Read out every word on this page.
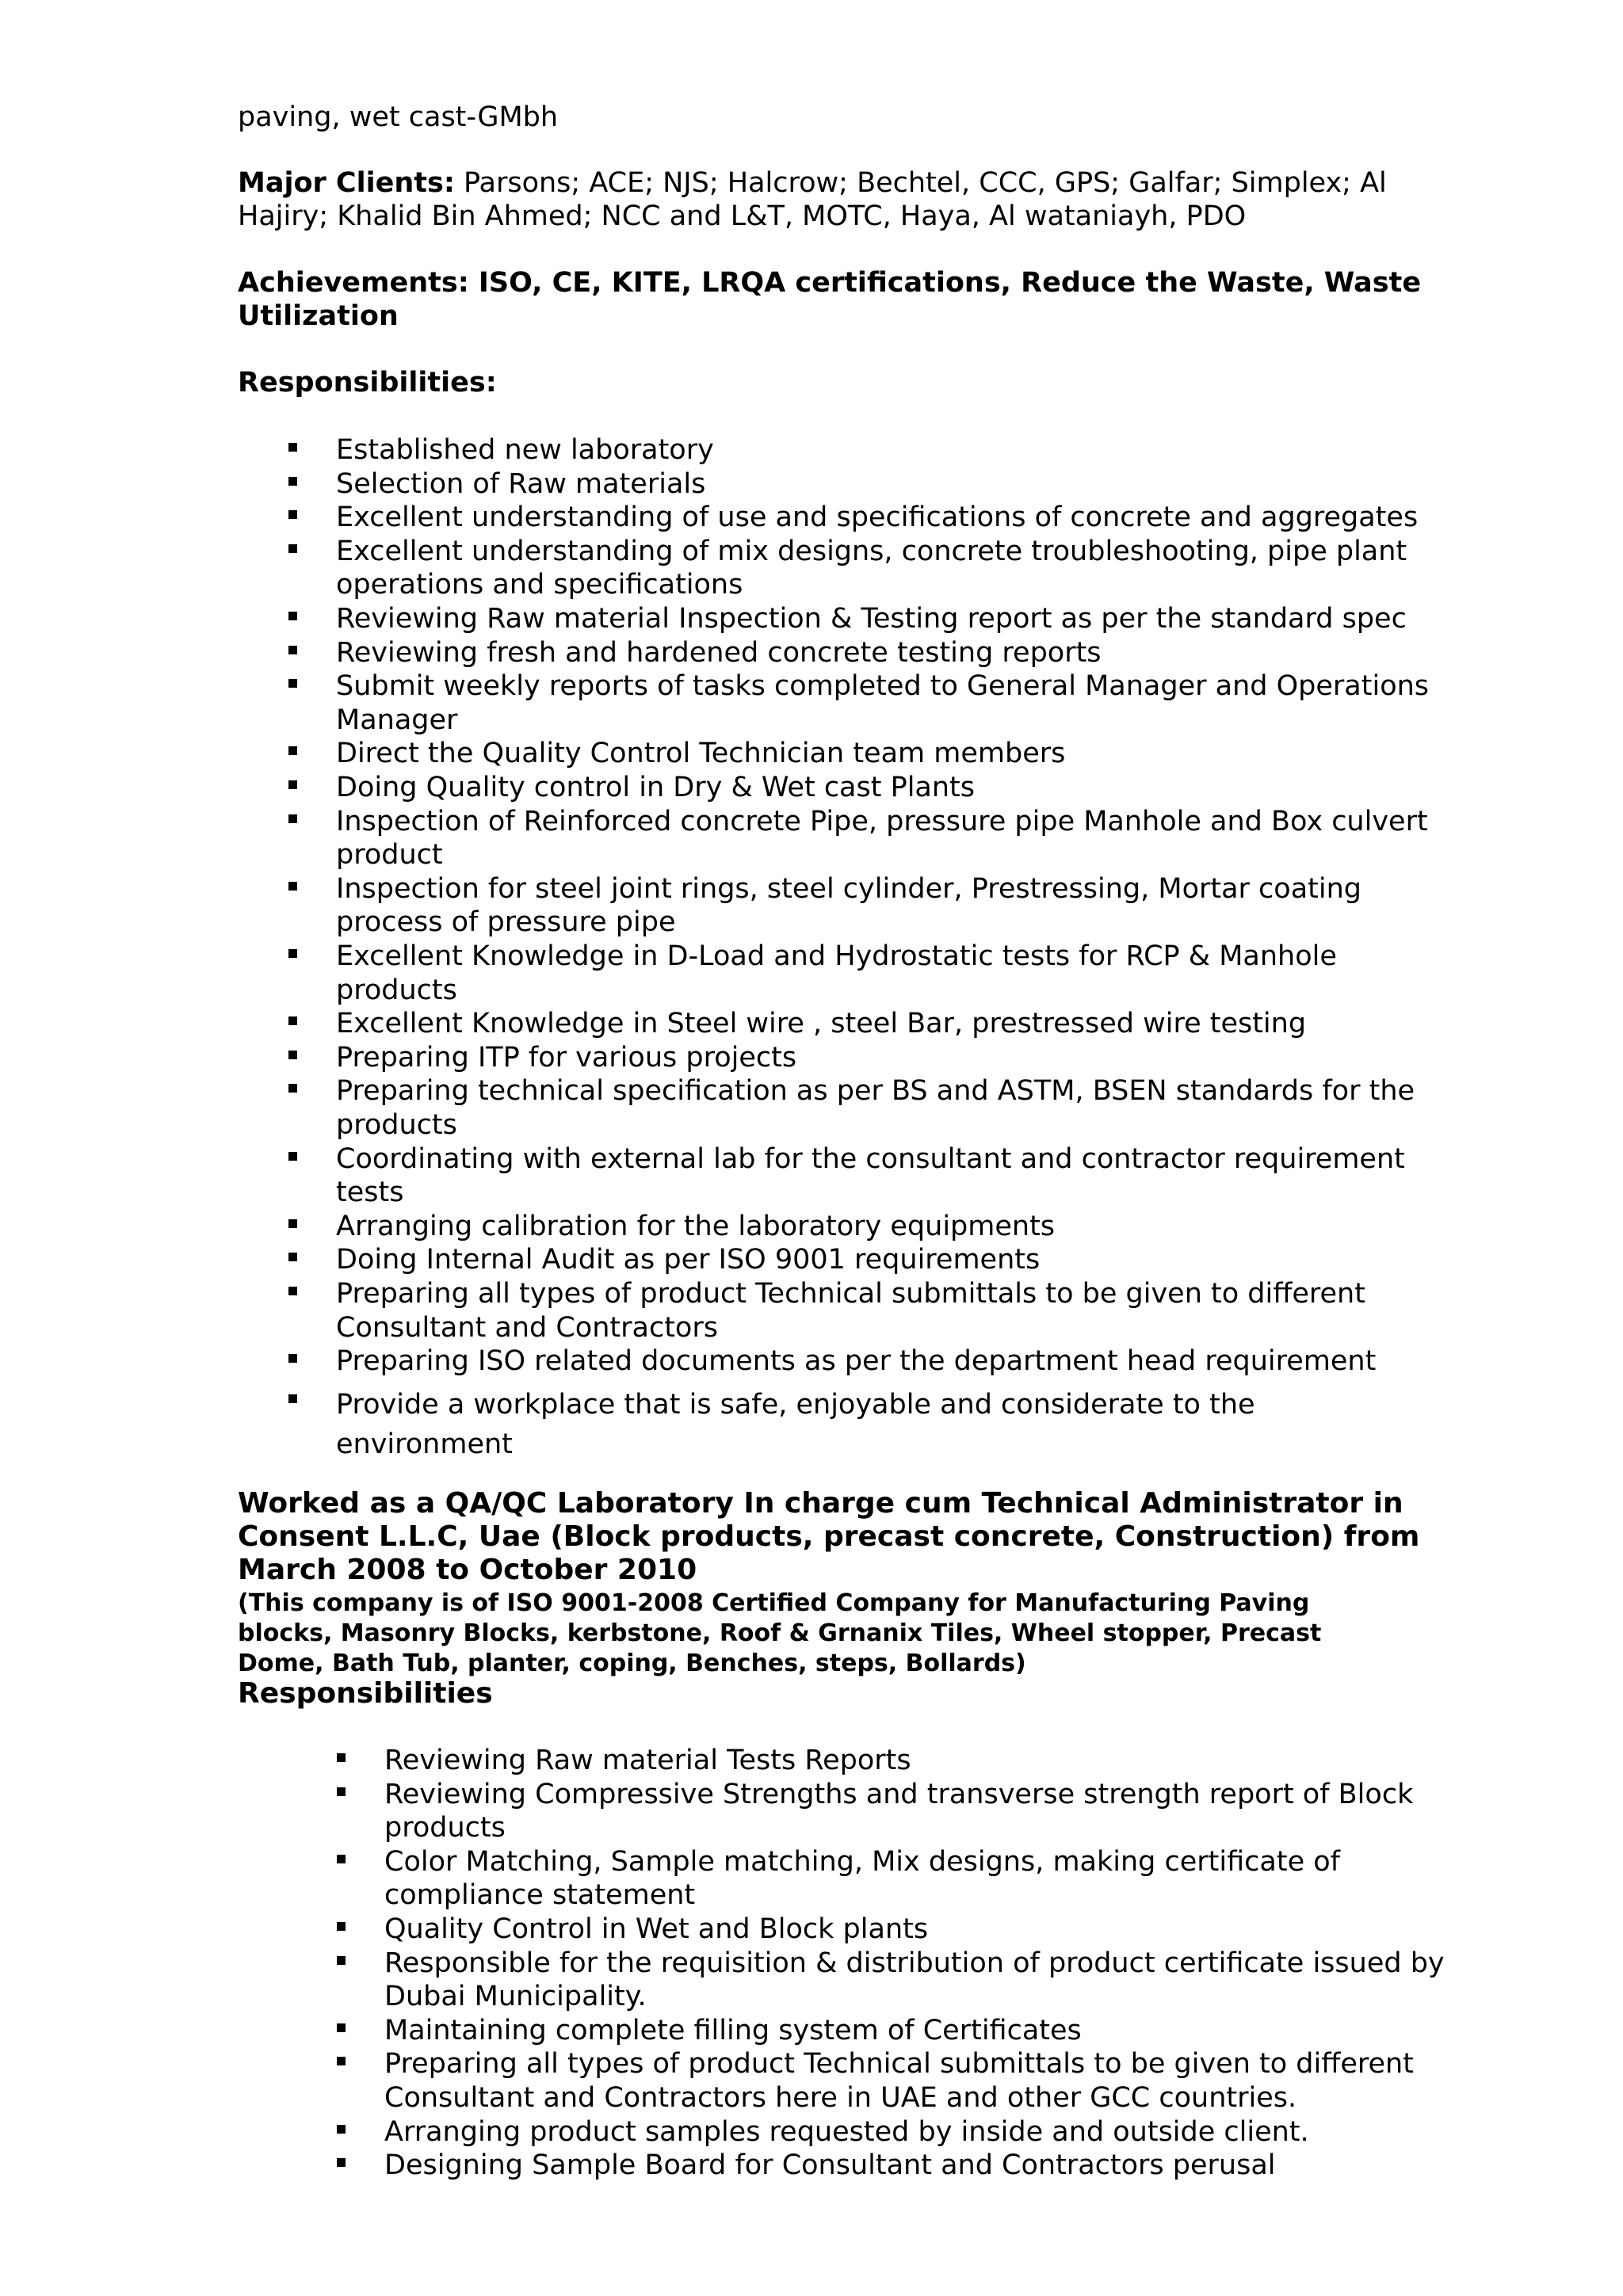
paving, wet cast-GMbh
Major Clients: Parsons; ACE; NJS; Halcrow; Bechtel, CCC, GPS; Galfar; Simplex; Al
Hajiry; Khalid Bin Ahmed; NCC and L&T, MOTC, Haya, Al wataniayh, PDO
Achievements: ISO, CE, KITE, LRQA certifications, Reduce the Waste, Waste
Utilization
Responsibilities:
Established new laboratory
Selection of Raw materials
Excellent understanding of use and specifications of concrete and aggregates
Excellent understanding of mix designs, concrete troubleshooting, pipe plant
operations and specifications
Reviewing Raw material Inspection & Testing report as per the standard spec
Reviewing fresh and hardened concrete testing reports
Submit weekly reports of tasks completed to General Manager and Operations
Manager
Direct the Quality Control Technician team members
Doing Quality control in Dry & Wet cast Plants
Inspection of Reinforced concrete Pipe, pressure pipe Manhole and Box culvert
product
Inspection for steel joint rings, steel cylinder, Prestressing, Mortar coating
process of pressure pipe
Excellent Knowledge in D-Load and Hydrostatic tests for RCP & Manhole
products
Excellent Knowledge in Steel wire , steel Bar, prestressed wire testing
Preparing ITP for various projects
Preparing technical specification as per BS and ASTM, BSEN standards for the
products
Coordinating with external lab for the consultant and contractor requirement
tests
Arranging calibration for the laboratory equipments
Doing Internal Audit as per ISO 9001 requirements
Preparing all types of product Technical submittals to be given to different
Consultant and Contractors
Preparing ISO related documents as per the department head requirement
Provide a workplace that is safe, enjoyable and considerate to the
environment
Worked as a QA/QC Laboratory In charge cum Technical Administrator in
Consent L.L.C, Uae (Block products, precast concrete, Construction) from
March 2008 to October 2010
(This company is of ISO 9001-2008 Certified Company for Manufacturing Paving
blocks, Masonry Blocks, kerbstone, Roof & Grnanix Tiles, Wheel stopper, Precast
Dome, Bath Tub, planter, coping, Benches, steps, Bollards)
Responsibilities
Reviewing Raw material Tests Reports
Reviewing Compressive Strengths and transverse strength report of Block
products
Color Matching, Sample matching, Mix designs, making certificate of
compliance statement
Quality Control in Wet and Block plants
Responsible for the requisition & distribution of product certificate issued by
Dubai Municipality.
Maintaining complete filling system of Certificates
Preparing all types of product Technical submittals to be given to different
Consultant and Contractors here in UAE and other GCC countries.
Arranging product samples requested by inside and outside client.
Designing Sample Board for Consultant and Contractors perusal
